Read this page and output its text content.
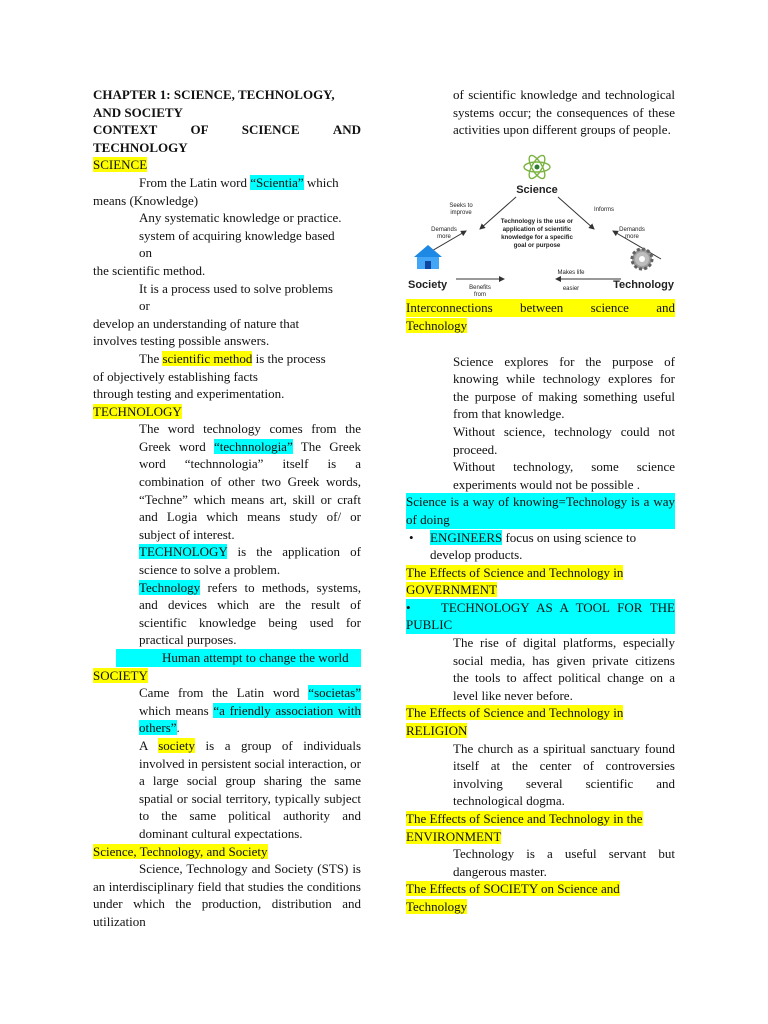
CHAPTER 1: SCIENCE, TECHNOLOGY,

AND SOCIETY

CONTEXT	OF	SCIENCE	AND

TECHNOLOGY

SCIENCE

From the Latin word “Scientia” which

means (Knowledge)

Any systematic knowledge or practice.

system of acquiring knowledge based

on

the scientific method.

It is a process used to solve problems

or

develop an understanding of nature that

involves testing possible answers.

The scientific method is the process

of objectively establishing facts

through testing and experimentation.

TECHNOLOGY

The word technology comes from the

Greek word “technnologia” The Greek

word “technnologia” itself is a combination of other two Greek words, “Techne” which means art, skill or craft and Logia which means study of/ or subject of interest.

TECHNOLOGY is the application of science to solve a problem.

Technology refers to methods, systems, and devices which are the result of scientific knowledge being used for practical purposes.

Human attempt to change the world

SOCIETY

Came from the Latin word “societas” which means “a friendly association with others”.

A society is a group of individuals involved in persistent social interaction, or a large social group sharing the same spatial or social territory, typically subject to the same political authority and dominant cultural expectations.

Science, Technology, and Society

Science, Technology and Society (STS) is an interdisciplinary field that studies the conditions under which the production, distribution and utilization

of scientific knowledge and technological systems occur; the consequences of these activities upon different groups of people.

Science
Seeks to
improve	Informs
Demands
more
Demands
more
Technology is the use or
application of scientific
knowledge for a specific
goal or purpose
Benefits
from
Makes life
easier
Society	Technology

Interconnections between science and

Technology

Science explores for the purpose of knowing while technology explores for the purpose of making something useful from that knowledge.

Without science, technology could not proceed.

Without technology, some science experiments would not be possible .

Science is a way of knowing=Technology is a way of doing

• ENGINEERS focus on using science to develop products.

The Effects of Science and Technology in

GOVERNMENT

• TECHNOLOGY AS A TOOL FOR THE PUBLIC

The rise of digital platforms, especially social media, has given private citizens the tools to affect political change on a level like never before.

The Effects of Science and Technology in

RELIGION

The church as a spiritual sanctuary found itself at the center of controversies involving several scientific and technological dogma.

The Effects of Science and Technology in the

ENVIRONMENT

Technology is a useful servant but dangerous master.

The Effects of SOCIETY on Science and

Technology
